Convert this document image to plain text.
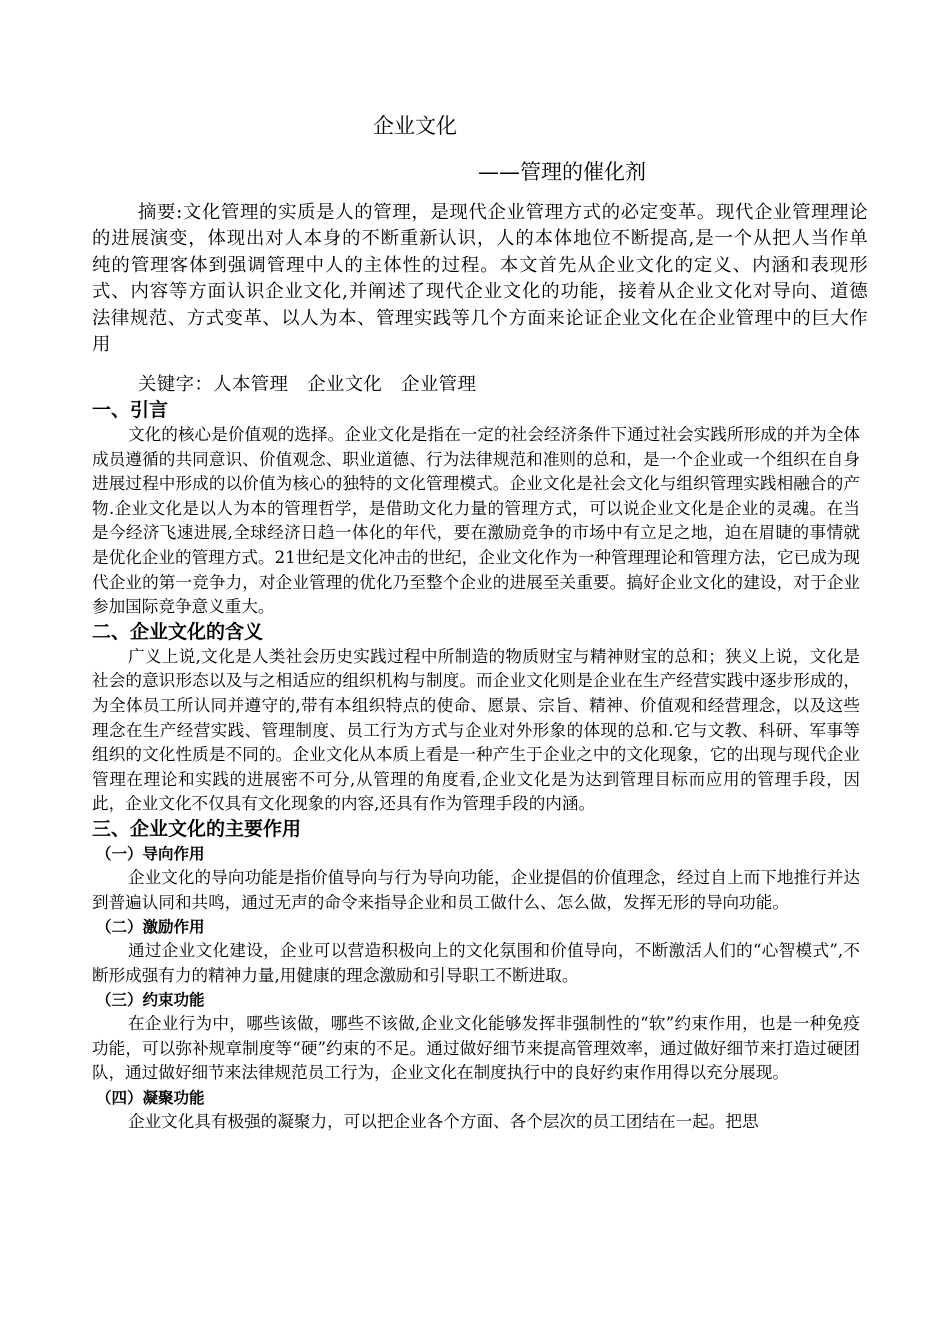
企业文化
——管理的催化剂

摘要:文化管理的实质是人的管理，是现代企业管理方式的必定变革。现代企业管理理论的进展演变，体现出对人本身的不断重新认识，人的本体地位不断提高,是一个从把人当作单纯的管理客体到强调管理中人的主体性的过程。本文首先从企业文化的定义、内涵和表现形式、内容等方面认识企业文化,并阐述了现代企业文化的功能，接着从企业文化对导向、道德法律规范、方式变革、以人为本、管理实践等几个方面来论证企业文化在企业管理中的巨大作用

关键字：人本管理　企业文化　企业管理
一、引言

文化的核心是价值观的选择。企业文化是指在一定的社会经济条件下通过社会实践所形成的并为全体成员遵循的共同意识、价值观念、职业道德、行为法律规范和准则的总和，是一个企业或一个组织在自身进展过程中形成的以价值为核心的独特的文化管理模式。企业文化是社会文化与组织管理实践相融合的产物.企业文化是以人为本的管理哲学，是借助文化力量的管理方式，可以说企业文化是企业的灵魂。在当是今经济飞速进展,全球经济日趋一体化的年代，要在激励竞争的市场中有立足之地，迫在眉睫的事情就是优化企业的管理方式。21世纪是文化冲击的世纪，企业文化作为一种管理理论和管理方法，它已成为现代企业的第一竞争力，对企业管理的优化乃至整个企业的进展至关重要。搞好企业文化的建设，对于企业参加国际竞争意义重大。

二、企业文化的含义

广义上说,文化是人类社会历史实践过程中所制造的物质财宝与精神财宝的总和；狭义上说，文化是社会的意识形态以及与之相适应的组织机构与制度。而企业文化则是企业在生产经营实践中逐步形成的，为全体员工所认同并遵守的,带有本组织特点的使命、愿景、宗旨、精神、价值观和经营理念，以及这些理念在生产经营实践、管理制度、员工行为方式与企业对外形象的体现的总和.它与文教、科研、军事等组织的文化性质是不同的。企业文化从本质上看是一种产生于企业之中的文化现象，它的出现与现代企业管理在理论和实践的进展密不可分,从管理的角度看,企业文化是为达到管理目标而应用的管理手段，因此，企业文化不仅具有文化现象的内容,还具有作为管理手段的内涵。

三、企业文化的主要作用
（一）导向作用

企业文化的导向功能是指价值导向与行为导向功能，企业提倡的价值理念，经过自上而下地推行并达到普遍认同和共鸣，通过无声的命令来指导企业和员工做什么、怎么做，发挥无形的导向功能。

（二）激励作用

通过企业文化建设，企业可以营造积极向上的文化氛围和价值导向，不断激活人们的“心智模式”,不断形成强有力的精神力量,用健康的理念激励和引导职工不断进取。

（三）约束功能

在企业行为中，哪些该做，哪些不该做,企业文化能够发挥非强制性的“软”约束作用，也是一种免疫功能，可以弥补规章制度等“硬”约束的不足。通过做好细节来提高管理效率，通过做好细节来打造过硬团队，通过做好细节来法律规范员工行为，企业文化在制度执行中的良好约束作用得以充分展现。

（四）凝聚功能

企业文化具有极强的凝聚力，可以把企业各个方面、各个层次的员工团结在一起。把思
